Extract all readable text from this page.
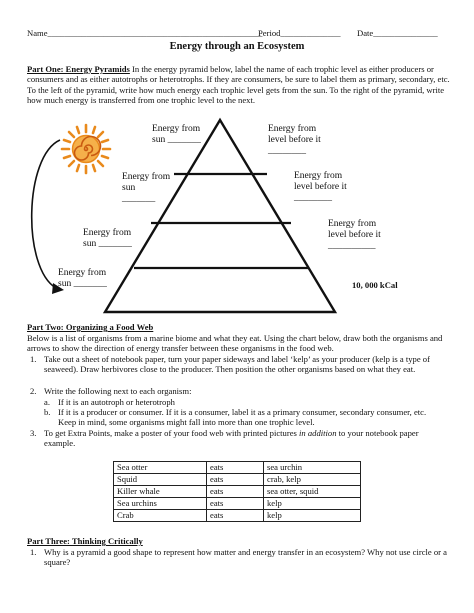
Name__________________________________________________
Period______________ Date_______________
Energy through an Ecosystem
Part One: Energy Pyramids In the energy pyramid below, label the name of each trophic level as either producers or consumers and as either autotrophs or heterotrophs. If they are consumers, be sure to label them as primary, secondary, etc. To the left of the pyramid, write how much energy each trophic level gets from the sun. To the right of the pyramid, write how much energy is transferred from one trophic level to the next.
Energy from
sun _______
Energy from
sun
_______
Energy from
sun _______
Energy from
sun _______
Energy from
level before it
________
Energy from
level before it
________
Energy from
level before it
__________
10, 000 kCal
Part Two: Organizing a Food Web
Below is a list of organisms from a marine biome and what they eat. Using the chart below, draw both the organisms and arrows to show the direction of energy transfer between these organisms in the food web.
1. Take out a sheet of notebook paper, turn your paper sideways and label ‘kelp’ as your producer (kelp is a type of seaweed). Draw herbivores close to the producer. Then position the other organisms based on what they eat.
2. Write the following next to each organism:
a. If it is an autotroph or heterotroph
b. If it is a producer or consumer. If it is a consumer, label it as a primary consumer, secondary consumer, etc. Keep in mind, some organisms might fall into more than one trophic level.
3. To get Extra Points, make a poster of your food web with printed pictures in addition to your notebook paper example.
Sea otter	eats	sea urchin
Squid	eats	crab, kelp
Killer whale	eats	sea otter, squid
Sea urchins	eats	kelp
Crab	eats	kelp
Part Three: Thinking Critically
1. Why is a pyramid a good shape to represent how matter and energy transfer in an ecosystem? Why not use circle or a square?
